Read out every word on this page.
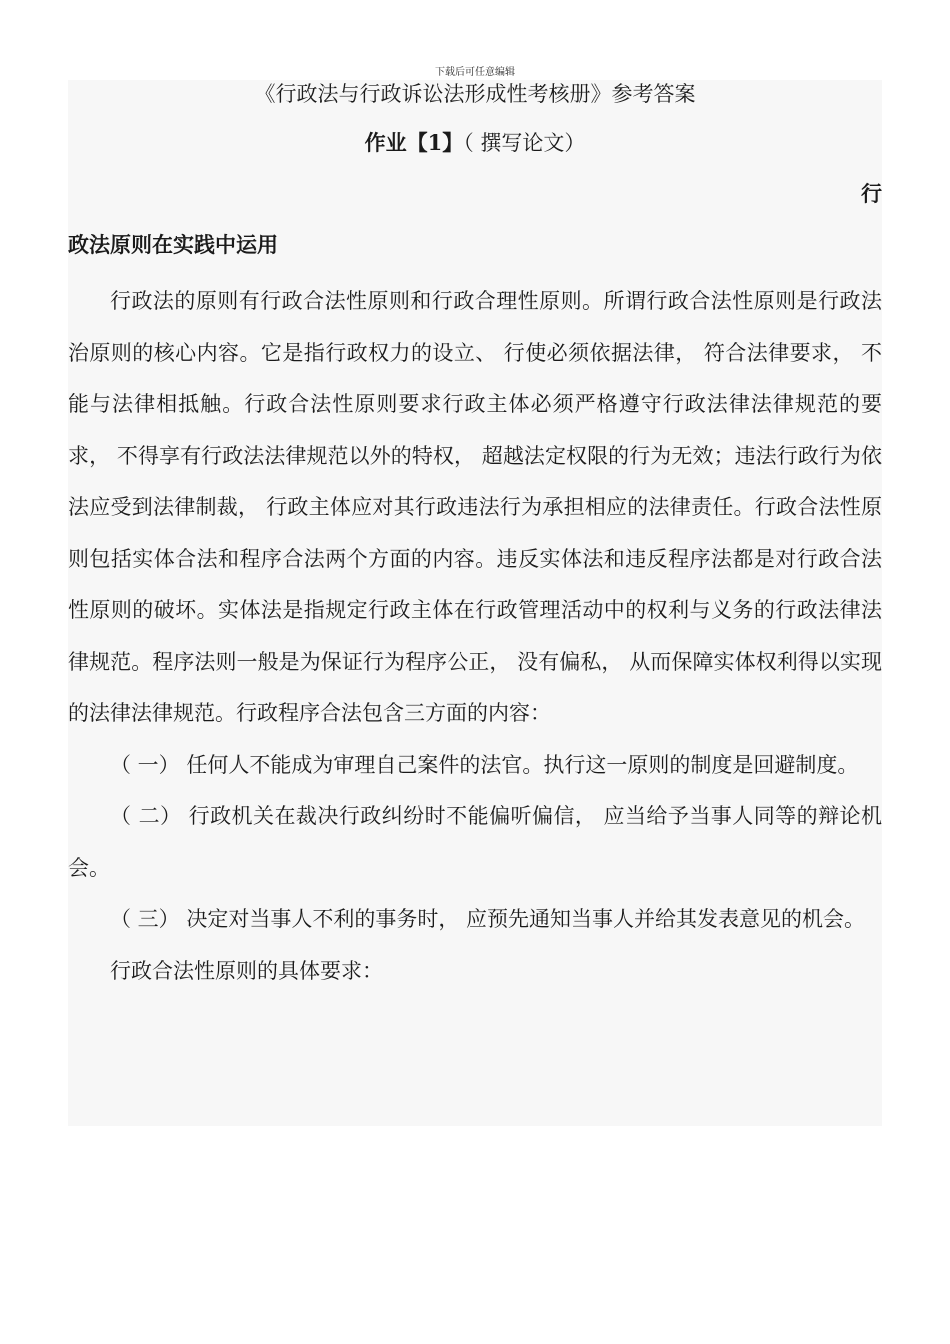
下载后可任意编辑
《行政法与行政诉讼法形成性考核册》参考答案
作业【1】（ 撰写论文）
行
政法原则在实践中运用

行政法的原则有行政合法性原则和行政合理性原则。所谓行政合法性原则是行政法治原则的核心内容。它是指行政权力的设立、 行使必须依据法律， 符合法律要求， 不能与法律相抵触。行政合法性原则要求行政主体必须严格遵守行政法律法律规范的要求， 不得享有行政法法律规范以外的特权， 超越法定权限的行为无效；违法行政行为依法应受到法律制裁， 行政主体应对其行政违法行为承担相应的法律责任。行政合法性原则包括实体合法和程序合法两个方面的内容。违反实体法和违反程序法都是对行政合法性原则的破坏。实体法是指规定行政主体在行政管理活动中的权利与义务的行政法律法律规范。程序法则一般是为保证行为程序公正， 没有偏私， 从而保障实体权利得以实现的法律法律规范。行政程序合法包含三方面的内容：

（ 一） 任何人不能成为审理自己案件的法官。执行这一原则的制度是回避制度。

（ 二） 行政机关在裁决行政纠纷时不能偏听偏信， 应当给予当事人同等的辩论机会。

（ 三） 决定对当事人不利的事务时， 应预先通知当事人并给其发表意见的机会。

行政合法性原则的具体要求：
